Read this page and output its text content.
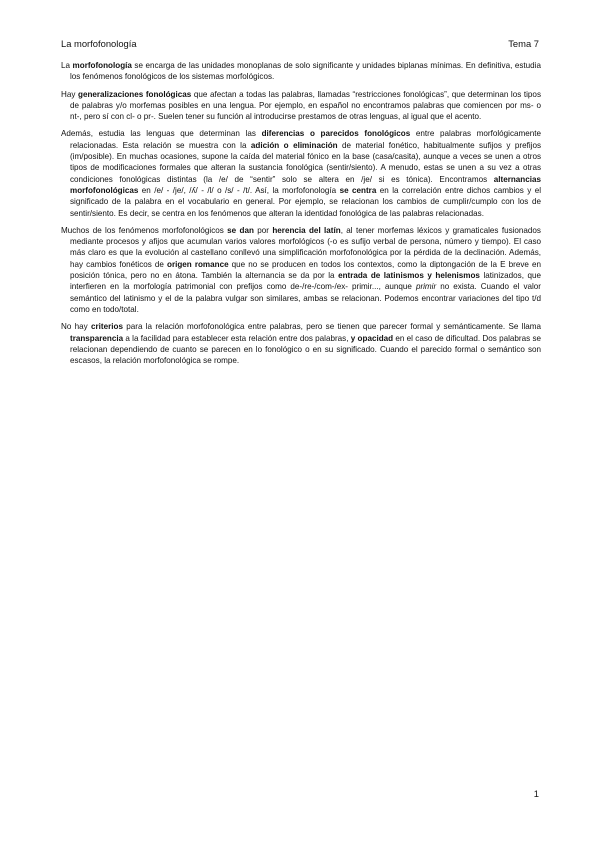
La morfofonología	Tema 7

La morfofonología se encarga de las unidades monoplanas de solo significante y unidades biplanas mínimas. En definitiva, estudia los fenómenos fonológicos de los sistemas morfológicos.

Hay generalizaciones fonológicas que afectan a todas las palabras, llamadas “restricciones fonológicas”, que determinan los tipos de palabras y/o morfemas posibles en una lengua. Por ejemplo, en español no encontramos palabras que comiencen por ms- o nt-, pero sí con cl- o pr-. Suelen tener su función al introducirse prestamos de otras lenguas, al igual que el acento.

Además, estudia las lenguas que determinan las diferencias o parecidos fonológicos entre palabras morfológicamente relacionadas. Esta relación se muestra con la adición o eliminación de material fonético, habitualmente sufijos y prefijos (im/posible). En muchas ocasiones, supone la caída del material fónico en la base (casa/casita), aunque a veces se unen a otros tipos de modificaciones formales que alteran la sustancia fonológica (sentir/siento). A menudo, estas se unen a su vez a otras condiciones fonológicas distintas (la /e/ de “sentir” solo se altera en /je/ si es tónica). Encontramos alternancias morfofonológicas en /e/ - /je/, /ʎ/ - /l/ o /s/ - /t/. Así, la morfofonología se centra en la correlación entre dichos cambios y el significado de la palabra en el vocabulario en general. Por ejemplo, se relacionan los cambios de cumplir/cumplo con los de sentir/siento. Es decir, se centra en los fenómenos que alteran la identidad fonológica de las palabras relacionadas.

Muchos de los fenómenos morfofonológicos se dan por herencia del latín, al tener morfemas léxicos y gramaticales fusionados mediante procesos y afijos que acumulan varios valores morfológicos (-o es sufijo verbal de persona, número y tiempo). El caso más claro es que la evolución al castellano conllevó una simplificación morfofonológica por la pérdida de la declinación. Además, hay cambios fonéticos de origen romance que no se producen en todos los contextos, como la diptongación de la E breve en posición tónica, pero no en átona. También la alternancia se da por la entrada de latinismos y helenismos latinizados, que interfieren en la morfología patrimonial con prefijos como de-/re-/com-/ex- primir..., aunque primir no exista. Cuando el valor semántico del latinismo y el de la palabra vulgar son similares, ambas se relacionan. Podemos encontrar variaciones del tipo t/d como en todo/total.

No hay criterios para la relación morfofonológica entre palabras, pero se tienen que parecer formal y semánticamente. Se llama transparencia a la facilidad para establecer esta relación entre dos palabras, y opacidad en el caso de dificultad. Dos palabras se relacionan dependiendo de cuanto se parecen en lo fonológico o en su significado. Cuando el parecido formal o semántico son escasos, la relación morfofonológica se rompe.

1
